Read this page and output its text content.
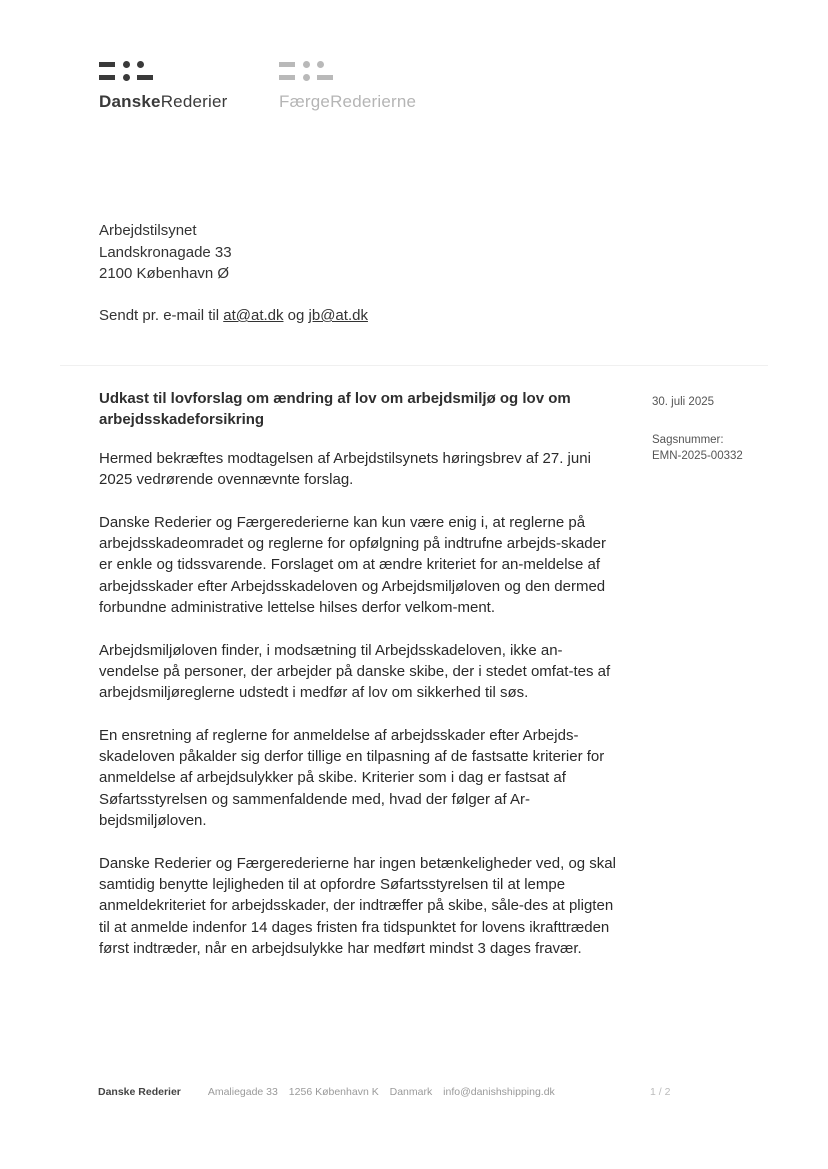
DanskeRederier	FærgeRederierne
Arbejdstilsynet
Landskronagade 33
2100 København Ø
Sendt pr. e-mail til at@at.dk og jb@at.dk
Udkast til lovforslag om ændring af lov om arbejdsmiljø og lov om arbejdsskadeforsikring
30. juli 2025
Sagsnummer:
EMN-2025-00332

Hermed bekræftes modtagelsen af Arbejdstilsynets høringsbrev af 27. juni 2025 vedrørende ovennævnte forslag.

Danske Rederier og Færgerederierne kan kun være enig i, at reglerne på arbejdsskadeomradet og reglerne for opfølgning på indtrufne arbejds-skader er enkle og tidssvarende. Forslaget om at ændre kriteriet for an-meldelse af arbejdsskader efter Arbejdsskadeloven og Arbejdsmiljøloven og den dermed forbundne administrative lettelse hilses derfor velkom-ment.

Arbejdsmiljøloven finder, i modsætning til Arbejdsskadeloven, ikke an-vendelse på personer, der arbejder på danske skibe, der i stedet omfat-tes af arbejdsmiljøreglerne udstedt i medfør af lov om sikkerhed til søs.

En ensretning af reglerne for anmeldelse af arbejdsskader efter Arbejds-skadeloven påkalder sig derfor tillige en tilpasning af de fastsatte kriterier for anmeldelse af arbejdsulykker på skibe. Kriterier som i dag er fastsat af Søfartsstyrelsen og sammenfaldende med, hvad der følger af Ar-bejdsmiljøloven.

Danske Rederier og Færgerederierne har ingen betænkeligheder ved, og skal samtidig benytte lejligheden til at opfordre Søfartsstyrelsen til at lempe anmeldekriteriet for arbejdsskader, der indtræffer på skibe, såle-des at pligten til at anmelde indenfor 14 dages fristen fra tidspunktet for lovens ikrafttræden først indtræder, når en arbejdsulykke har medført mindst 3 dages fravær.

Danske Rederier	Amaliegade 33 1256 København K Danmark info@danishshipping.dk	1 / 2
